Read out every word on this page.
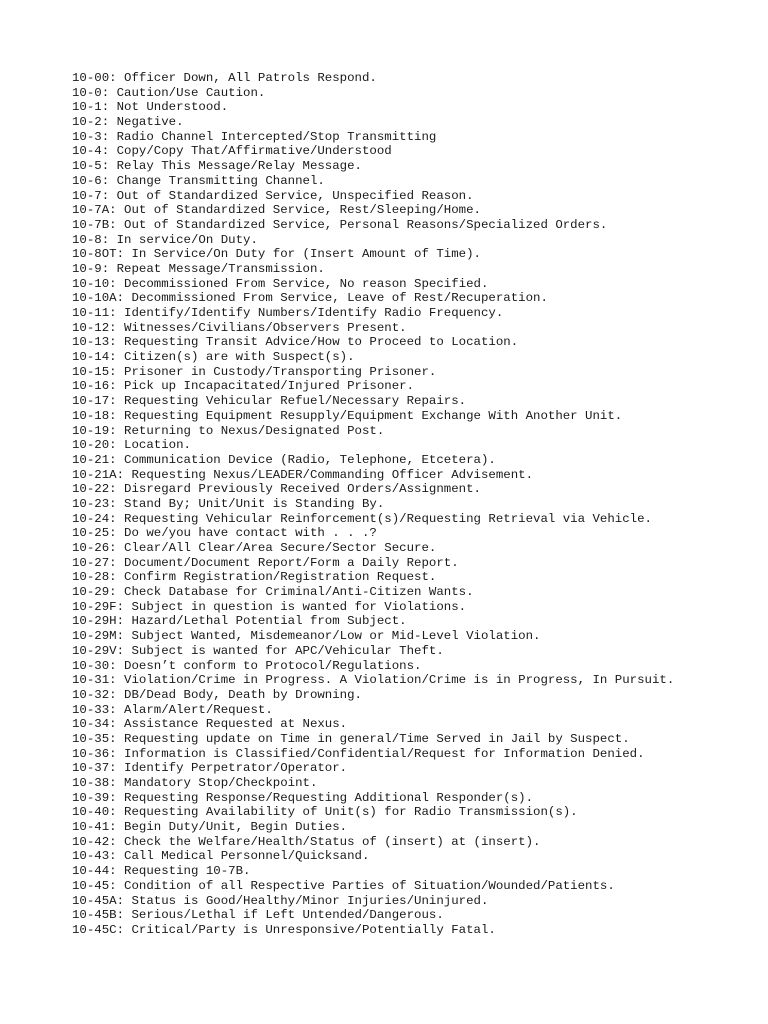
10-00: Officer Down, All Patrols Respond.

10-0: Caution/Use Caution.

10-1: Not Understood.

10-2: Negative.

10-3: Radio Channel Intercepted/Stop Transmitting

10-4: Copy/Copy That/Affirmative/Understood

10-5: Relay This Message/Relay Message.

10-6: Change Transmitting Channel.

10-7: Out of Standardized Service, Unspecified Reason.

10-7A: Out of Standardized Service, Rest/Sleeping/Home.

10-7B: Out of Standardized Service, Personal Reasons/Specialized Orders.

10-8: In service/On Duty.

10-8OT: In Service/On Duty for (Insert Amount of Time).

10-9: Repeat Message/Transmission.

10-10: Decommissioned From Service, No reason Specified.

10-10A: Decommissioned From Service, Leave of Rest/Recuperation.

10-11: Identify/Identify Numbers/Identify Radio Frequency.

10-12: Witnesses/Civilians/Observers Present.

10-13: Requesting Transit Advice/How to Proceed to Location.

10-14: Citizen(s) are with Suspect(s).

10-15: Prisoner in Custody/Transporting Prisoner.

10-16: Pick up Incapacitated/Injured Prisoner.

10-17: Requesting Vehicular Refuel/Necessary Repairs.

10-18: Requesting Equipment Resupply/Equipment Exchange With Another Unit.

10-19: Returning to Nexus/Designated Post.

10-20: Location.

10-21: Communication Device (Radio, Telephone, Etcetera).

10-21A: Requesting Nexus/LEADER/Commanding Officer Advisement.

10-22: Disregard Previously Received Orders/Assignment.

10-23: Stand By; Unit/Unit is Standing By.

10-24: Requesting Vehicular Reinforcement(s)/Requesting Retrieval via Vehicle.

10-25: Do we/you have contact with . . .?

10-26: Clear/All Clear/Area Secure/Sector Secure.

10-27: Document/Document Report/Form a Daily Report.

10-28: Confirm Registration/Registration Request.

10-29: Check Database for Criminal/Anti-Citizen Wants.

10-29F: Subject in question is wanted for Violations.

10-29H: Hazard/Lethal Potential from Subject.

10-29M: Subject Wanted, Misdemeanor/Low or Mid-Level Violation.

10-29V: Subject is wanted for APC/Vehicular Theft.

10-30: Doesn’t conform to Protocol/Regulations.

10-31: Violation/Crime in Progress. A Violation/Crime is in Progress, In Pursuit.

10-32: DB/Dead Body, Death by Drowning.

10-33: Alarm/Alert/Request.

10-34: Assistance Requested at Nexus.

10-35: Requesting update on Time in general/Time Served in Jail by Suspect.

10-36: Information is Classified/Confidential/Request for Information Denied.

10-37: Identify Perpetrator/Operator.

10-38: Mandatory Stop/Checkpoint.

10-39: Requesting Response/Requesting Additional Responder(s).

10-40: Requesting Availability of Unit(s) for Radio Transmission(s).

10-41: Begin Duty/Unit, Begin Duties.

10-42: Check the Welfare/Health/Status of (insert) at (insert).

10-43: Call Medical Personnel/Quicksand.

10-44: Requesting 10-7B.

10-45: Condition of all Respective Parties of Situation/Wounded/Patients.

10-45A: Status is Good/Healthy/Minor Injuries/Uninjured.

10-45B: Serious/Lethal if Left Untended/Dangerous.

10-45C: Critical/Party is Unresponsive/Potentially Fatal.
